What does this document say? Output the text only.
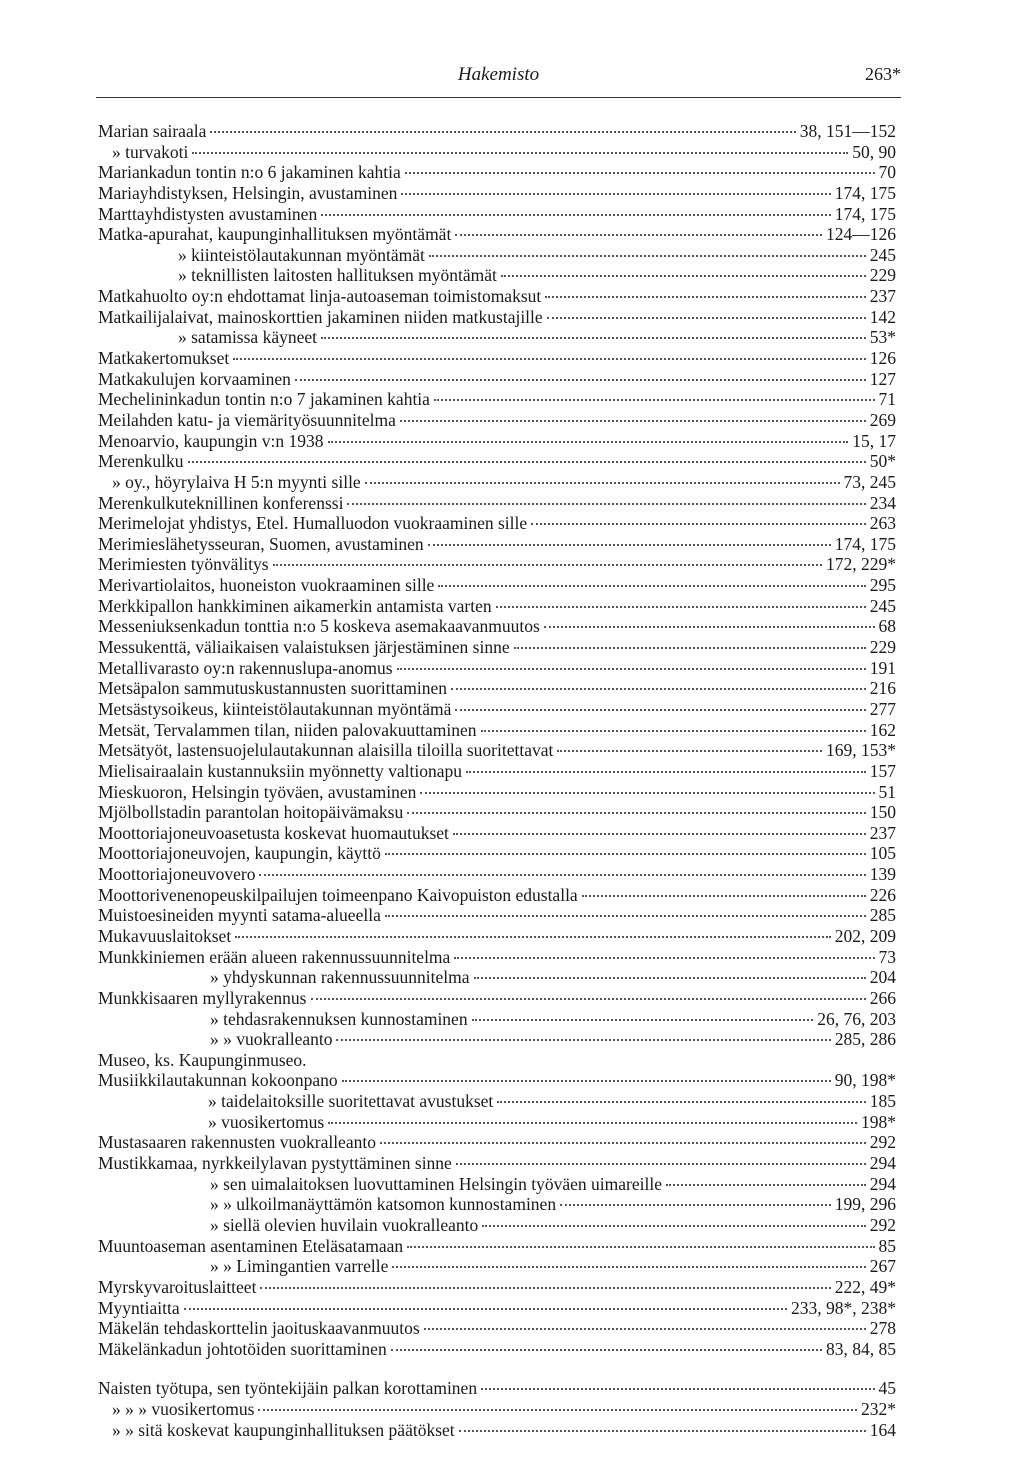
Hakemisto	263*
Marian sairaala	38, 151—152
» turvakoti	50, 90
Mariankadun tontin n:o 6 jakaminen kahtia	70
Mariayhdistyksen, Helsingin, avustaminen	174, 175
Marttayhdistysten avustaminen	174, 175
Matka-apurahat, kaupunginhallituksen myöntämät	124—126
» kiinteistölautakunnan myöntämät	245
» teknillisten laitosten hallituksen myöntämät	229
Matkahuolto oy:n ehdottamat linja-autoaseman toimistomaksut	237
Matkailijalaivat, mainoskorttien jakaminen niiden matkustajille	142
» satamissa käyneet	53*
Matkakertomukset	126
Matkakulujen korvaaminen	127
Mechelininkadun tontin n:o 7 jakaminen kahtia	71
Meilahden katu- ja viemärityösuunnitelma	269
Menoarvio, kaupungin v:n 1938	15, 17
Merenkulku	50*
» oy., höyrylaiva H 5:n myynti sille	73, 245
Merenkulkuteknillinen konferenssi	234
Merimelojat yhdistys, Etel. Humalluodon vuokraaminen sille	263
Merimieslähetysseuran, Suomen, avustaminen	174, 175
Merimiesten työnvälitys	172, 229*
Merivartiolaitos, huoneiston vuokraaminen sille	295
Merkkipallon hankkiminen aikamerkin antamista varten	245
Messeniuksenkadun tonttia n:o 5 koskeva asemakaavanmuutos	68
Messukenttä, väliaikaisen valaistuksen järjestäminen sinne	229
Metallivarasto oy:n rakennuslupa-anomus	191
Metsäpalon sammutuskustannusten suorittaminen	216
Metsästysoikeus, kiinteistölautakunnan myöntämä	277
Metsät, Tervalammen tilan, niiden palovakuuttaminen	162
Metsätyöt, lastensuojelulautakunnan alaisilla tiloilla suoritettavat	169, 153*
Mielisairaalain kustannuksiin myönnetty valtionapu	157
Mieskuoron, Helsingin työväen, avustaminen	51
Mjölbollstadin parantolan hoitopäivämaksu	150
Moottoriajoneuvoasetusta koskevat huomautukset	237
Moottoriajoneuvojen, kaupungin, käyttö	105
Moottoriajoneuvovero	139
Moottorivenenopeuskilpailujen toimeenpano Kaivopuiston edustalla	226
Muistoesineiden myynti satama-alueella	285
Mukavuuslaitokset	202, 209
Munkkiniemen erään alueen rakennussuunnitelma	73
» yhdyskunnan rakennussuunnitelma	204
Munkkisaaren myllyrakennus	266
» tehdasrakennuksen kunnostaminen	26, 76, 203
» » vuokralleanto	285, 286
Museo, ks. Kaupunginmuseo.
Musiikkilautakunnan kokoonpano	90, 198*
» taidelaitoksille suoritettavat avustukset	185
» vuosikertomus	198*
Mustasaaren rakennusten vuokralleanto	292
Mustikkamaa, nyrkkeilylavan pystyttäminen sinne	294
» sen uimalaitoksen luovuttaminen Helsingin työväen uimareille	294
» » ulkoilmanäyttämön katsomon kunnostaminen	199, 296
» siellä olevien huvilain vuokralleanto	292
Muuntoaseman asentaminen Eteläsatamaan	85
» » Limingantien varrelle	267
Myrskyvaroituslaitteet	222, 49*
Myyntiaitta	233, 98*, 238*
Mäkelän tehdaskorttelin jaoituskaavanmuutos	278
Mäkelänkadun johtotöiden suorittaminen	83, 84, 85
Naisten työtupa, sen työntekijäin palkan korottaminen	45
» » » vuosikertomus	232*
» » sitä koskevat kaupunginhallituksen päätökset	164
